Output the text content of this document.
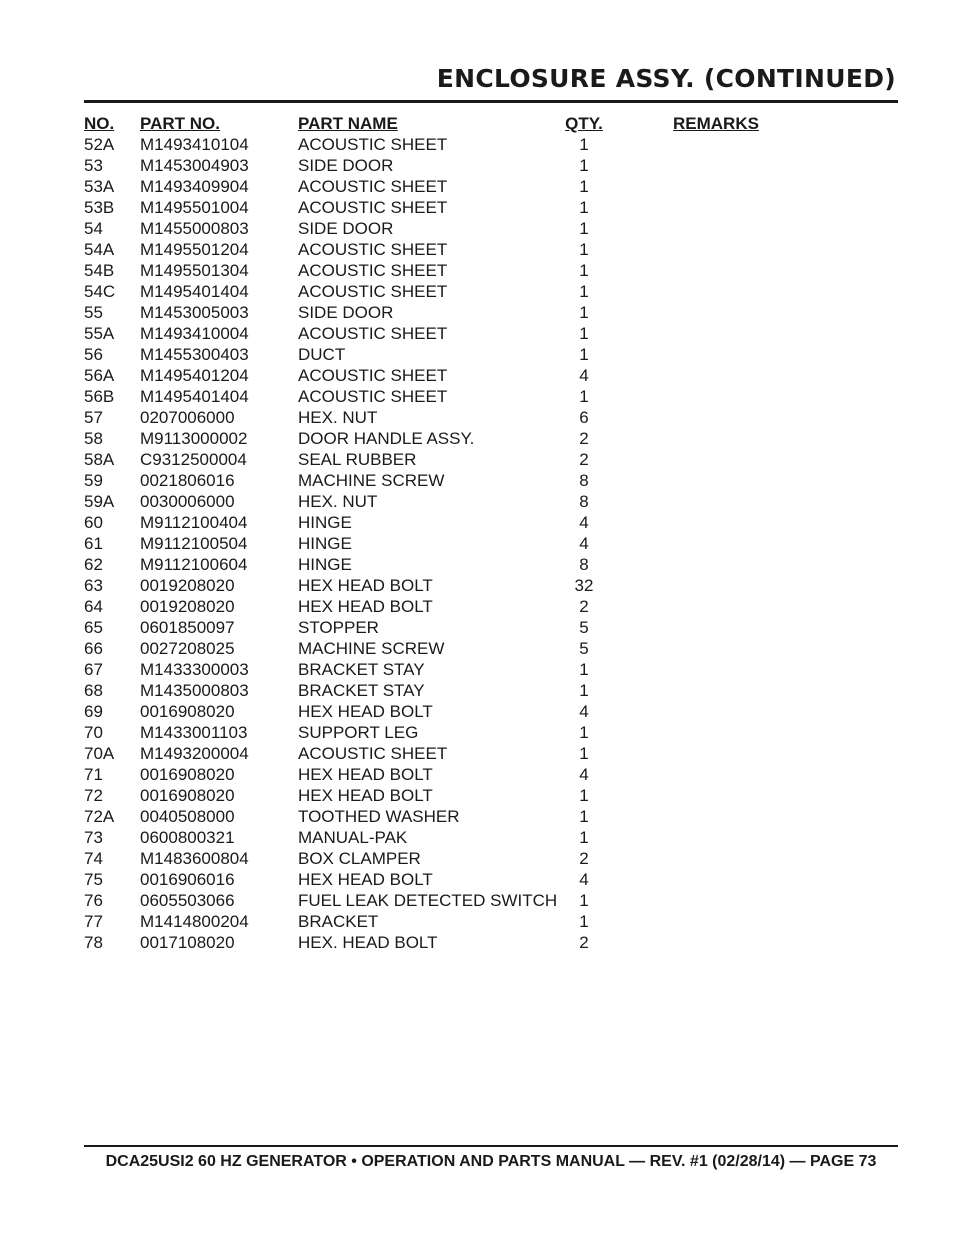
ENCLOSURE ASSY. (CONTINUED)
NO. PART NO.	PART NAME	QTY.	REMARKS
52A M1493410104	ACOUSTIC SHEET	1
53 M1453004903	SIDE DOOR	1
53A M1493409904	ACOUSTIC SHEET	1
53B M1495501004	ACOUSTIC SHEET	1
54 M1455000803	SIDE DOOR	1
54A M1495501204	ACOUSTIC SHEET	1
54B M1495501304	ACOUSTIC SHEET	1
54C M1495401404	ACOUSTIC SHEET	1
55 M1453005003	SIDE DOOR	1
55A M1493410004	ACOUSTIC SHEET	1
56 M1455300403	DUCT	1
56A M1495401204	ACOUSTIC SHEET	4
56B M1495401404	ACOUSTIC SHEET	1
57 0207006000	HEX. NUT	6
58 M9113000002	DOOR HANDLE ASSY.	2
58A C9312500004	SEAL RUBBER	2
59 0021806016	MACHINE SCREW	8
59A 0030006000	HEX. NUT	8
60 M9112100404	HINGE	4
61 M9112100504	HINGE	4
62 M9112100604	HINGE	8
63 0019208020	HEX HEAD BOLT	32
64 0019208020	HEX HEAD BOLT	2
65 0601850097	STOPPER	5
66 0027208025	MACHINE SCREW	5
67 M1433300003	BRACKET STAY	1
68 M1435000803	BRACKET STAY	1
69 0016908020	HEX HEAD BOLT	4
70 M1433001103	SUPPORT LEG	1
70A M1493200004	ACOUSTIC SHEET	1
71 0016908020	HEX HEAD BOLT	4
72 0016908020	HEX HEAD BOLT	1
72A 0040508000	TOOTHED WASHER	1
73 0600800321	MANUAL-PAK	1
74 M1483600804	BOX CLAMPER	2
75 0016906016	HEX HEAD BOLT	4
76 0605503066	FUEL LEAK DETECTED SWITCH	1
77 M1414800204	BRACKET	1
78 0017108020	HEX. HEAD BOLT	2
DCA25USI2 60 HZ GENERATOR • OPERATION AND PARTS MANUAL — REV. #1 (02/28/14) — PAGE 73
